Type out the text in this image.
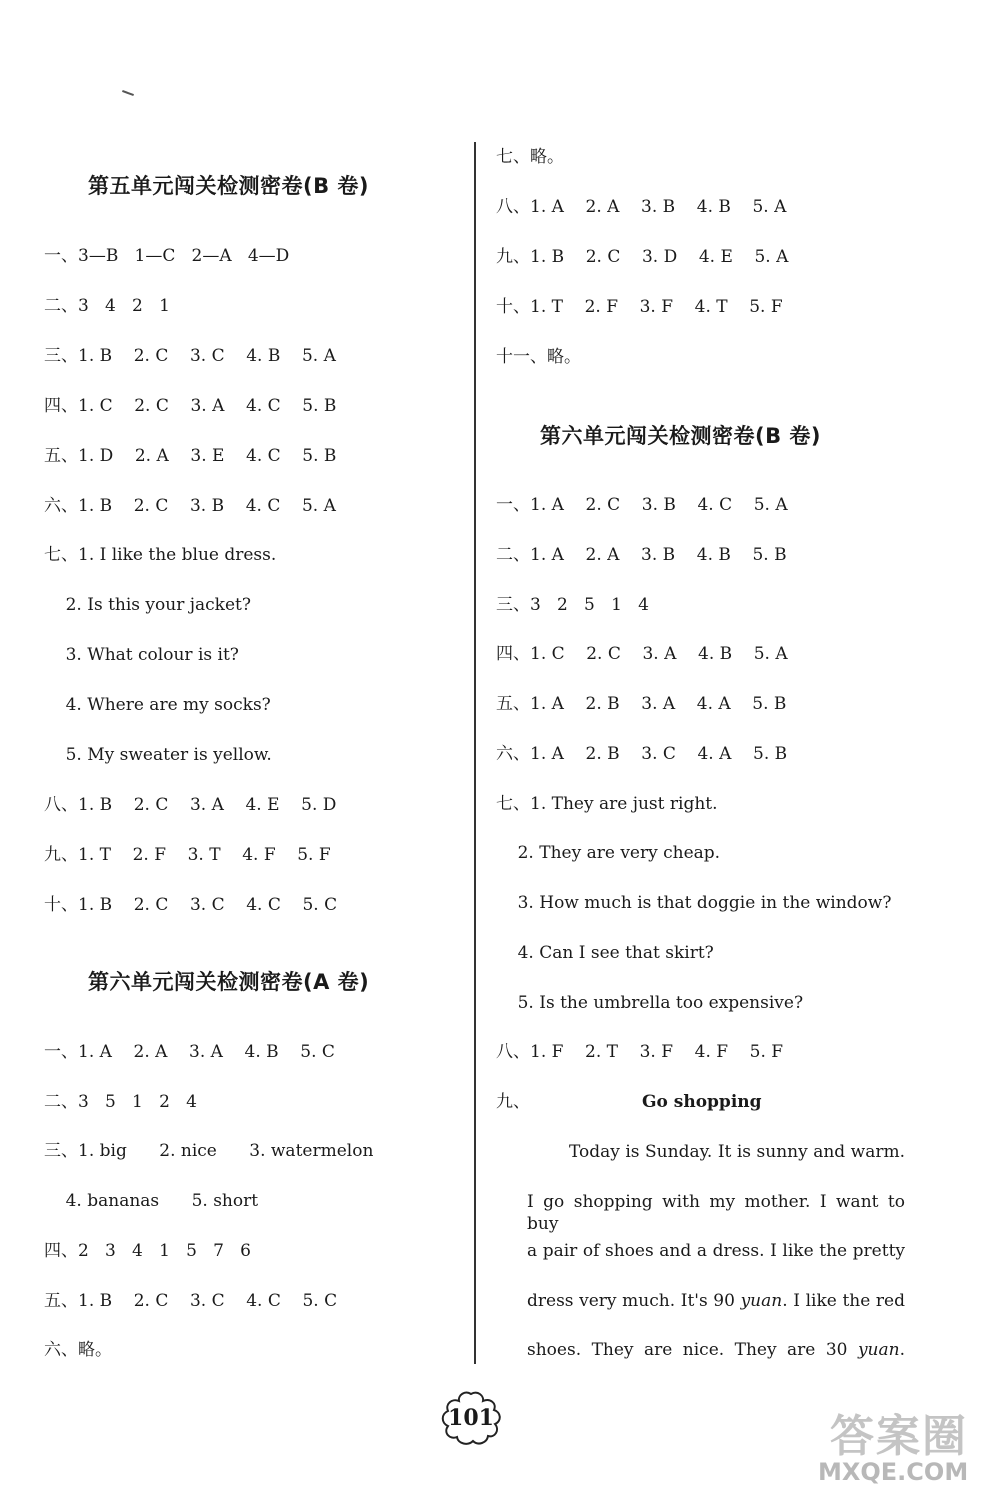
第五单元闯关检测密卷(B 卷)
一、3—B   1—C   2—A   4—D
二、3   4   2   1
三、1. B    2. C    3. C    4. B    5. A
四、1. C    2. C    3. A    4. C    5. B
五、1. D    2. A    3. E    4. C    5. B
六、1. B    2. C    3. B    4. C    5. A
七、1. I like the blue dress.
2. Is this your jacket?
3. What colour is it?
4. Where are my socks?
5. My sweater is yellow.
八、1. B    2. C    3. A    4. E    5. D
九、1. T    2. F    3. T    4. F    5. F
十、1. B    2. C    3. C    4. C    5. C
第六单元闯关检测密卷(A 卷)
一、1. A    2. A    3. A    4. B    5. C
二、3   5   1   2   4
三、1. big      2. nice      3. watermelon
4. bananas      5. short
四、2   3   4   1   5   7   6
五、1. B    2. C    3. C    4. C    5. C
六、略。
七、略。
八、1. A    2. A    3. B    4. B    5. A
九、1. B    2. C    3. D    4. E    5. A
十、1. T    2. F    3. F    4. T    5. F
十一、略。
第六单元闯关检测密卷(B 卷)
一、1. A    2. C    3. B    4. C    5. A
二、1. A    2. A    3. B    4. B    5. B
三、3   2   5   1   4
四、1. C    2. C    3. A    4. B    5. A
五、1. A    2. B    3. A    4. A    5. B
六、1. A    2. B    3. C    4. A    5. B
七、1. They are just right.
2. They are very cheap.
3. How much is that doggie in the window?
4. Can I see that skirt?
5. Is the umbrella too expensive?
八、1. F    2. T    3. F    4. F    5. F
九、	Go shopping
Today is Sunday. It is sunny and warm.
I go shopping with my mother. I want to buy
a pair of shoes and a dress. I like the pretty
dress very much. It's 90 yuan. I like the red
shoes. They are nice. They are 30 yuan.
101	答案圈
MXQE.COM
